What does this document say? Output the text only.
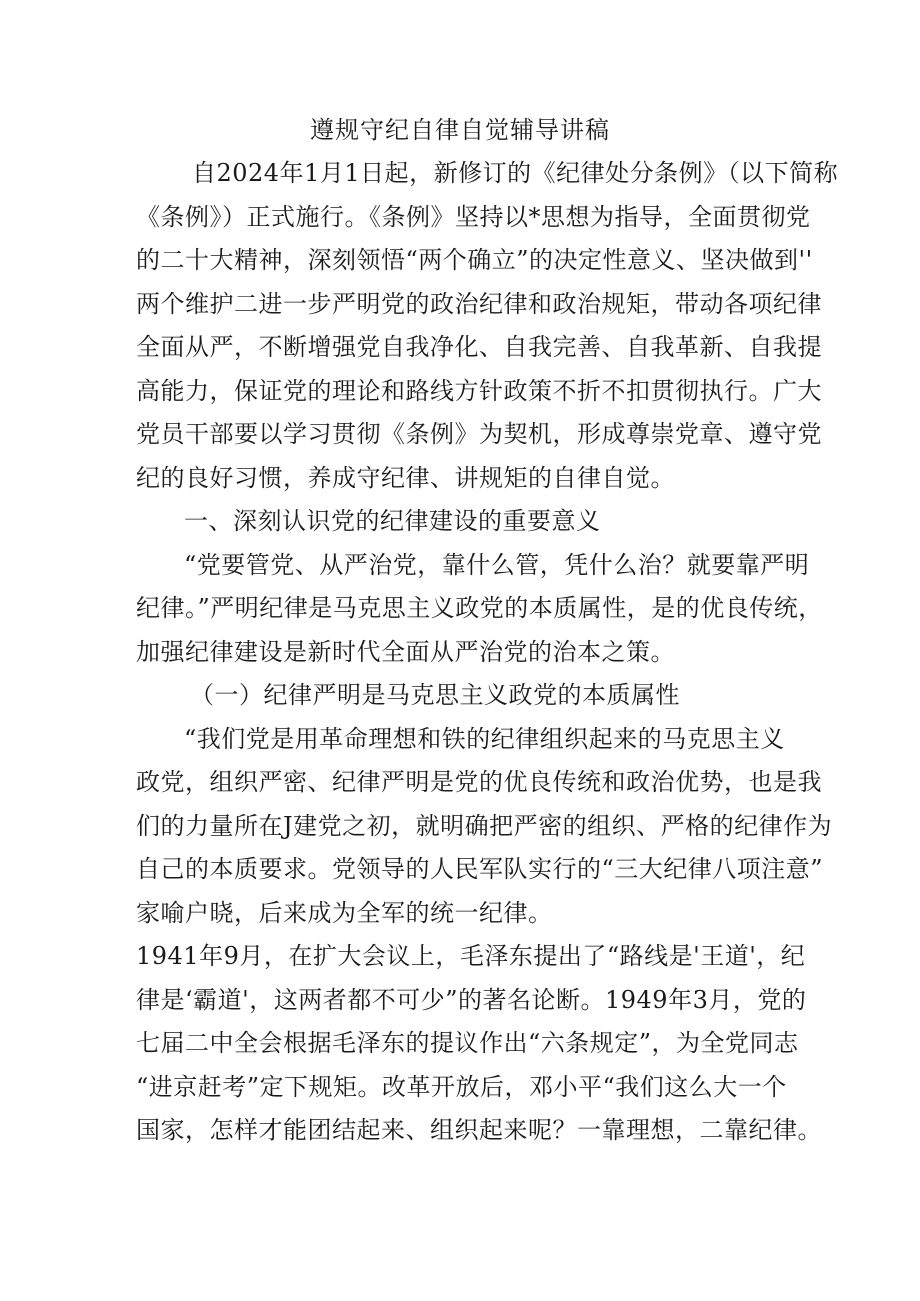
遵规守纪自律自觉辅导讲稿
自2024年1月1日起，新修订的《纪律处分条例》（以下简称
《条例》）正式施行。《条例》坚持以*思想为指导，全面贯彻党
的二十大精神，深刻领悟“两个确立”的决定性意义、坚决做到''
两个维护二进一步严明党的政治纪律和政治规矩，带动各项纪律
全面从严，不断增强党自我净化、自我完善、自我革新、自我提
高能力，保证党的理论和路线方针政策不折不扣贯彻执行。广大
党员干部要以学习贯彻《条例》为契机，形成尊崇党章、遵守党
纪的良好习惯，养成守纪律、讲规矩的自律自觉。
一、深刻认识党的纪律建设的重要意义
“党要管党、从严治党，靠什么管，凭什么治？就要靠严明
纪律。”严明纪律是马克思主义政党的本质属性，是的优良传统，
加强纪律建设是新时代全面从严治党的治本之策。
（一）纪律严明是马克思主义政党的本质属性
“我们党是用革命理想和铁的纪律组织起来的马克思主义
政党，组织严密、纪律严明是党的优良传统和政治优势，也是我
们的力量所在J建党之初，就明确把严密的组织、严格的纪律作为
自己的本质要求。党领导的人民军队实行的“三大纪律八项注意”
家喻户晓，后来成为全军的统一纪律。
1941年9月，在扩大会议上，毛泽东提出了“路线是'王道'，纪
律是‘霸道'，这两者都不可少”的著名论断。1949年3月，党的
七届二中全会根据毛泽东的提议作出“六条规定”，为全党同志
“进京赶考”定下规矩。改革开放后，邓小平“我们这么大一个
国家，怎样才能团结起来、组织起来呢？一靠理想，二靠纪律。
